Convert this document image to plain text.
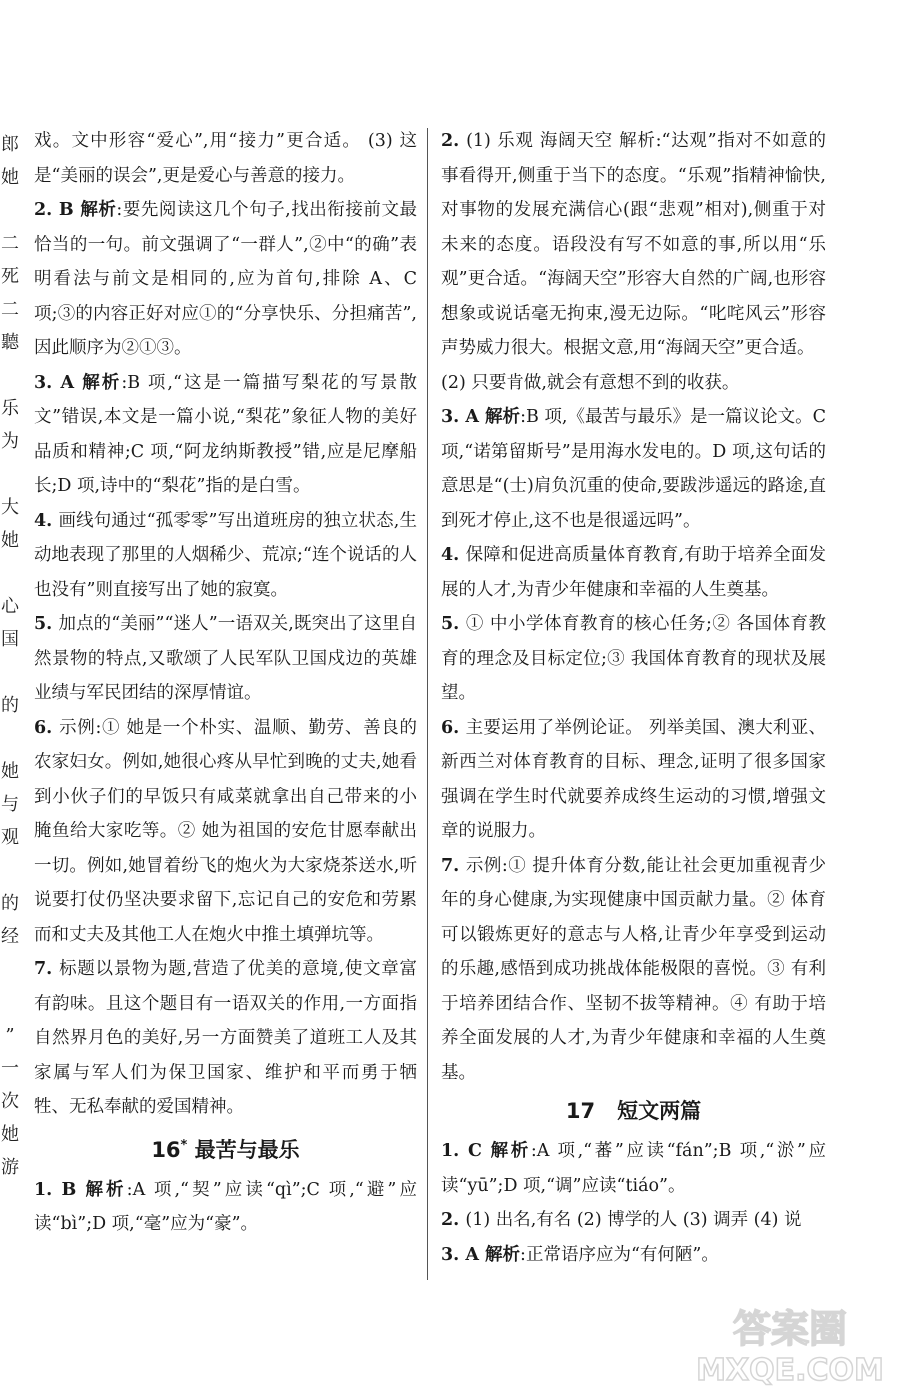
郎
她

二
死
二
聽

乐
为

大
她

心
国

的

她
与
观

的
经

”
一
次
她
游

戏。文中形容“爱心”,用“接力”更合适。 (3) 这是“美丽的误会”,更是爱心与善意的接力。

2. B 解析:要先阅读这几个句子,找出衔接前文最恰当的一句。前文强调了“一群人”,②中“的确”表明看法与前文是相同的,应为首句,排除 A、C 项;③的内容正好对应①的“分享快乐、分担痛苦”,因此顺序为②①③。

3. A 解析:B 项,“这是一篇描写梨花的写景散文”错误,本文是一篇小说,“梨花”象征人物的美好品质和精神;C 项,“阿龙纳斯教授”错,应是尼摩船长;D 项,诗中的“梨花”指的是白雪。

4. 画线句通过“孤零零”写出道班房的独立状态,生动地表现了那里的人烟稀少、荒凉;“连个说话的人也没有”则直接写出了她的寂寞。

5. 加点的“美丽”“迷人”一语双关,既突出了这里自然景物的特点,又歌颂了人民军队卫国戍边的英雄业绩与军民团结的深厚情谊。

6. 示例:① 她是一个朴实、温顺、勤劳、善良的农家妇女。例如,她很心疼从早忙到晚的丈夫,她看到小伙子们的早饭只有咸菜就拿出自己带来的小腌鱼给大家吃等。② 她为祖国的安危甘愿奉献出一切。例如,她冒着纷飞的炮火为大家烧茶送水,听说要打仗仍坚决要求留下,忘记自己的安危和劳累而和丈夫及其他工人在炮火中推土填弹坑等。

7. 标题以景物为题,营造了优美的意境,使文章富有韵味。且这个题目有一语双关的作用,一方面指自然界月色的美好,另一方面赞美了道班工人及其家属与军人们为保卫国家、维护和平而勇于牺牲、无私奉献的爱国精神。

16* 最苦与最乐

1. B 解析:A 项,“契”应读“qì”;C 项,“避”应读“bì”;D 项,“毫”应为“豪”。

2. (1) 乐观 海阔天空 解析:“达观”指对不如意的事看得开,侧重于当下的态度。“乐观”指精神愉快,对事物的发展充满信心(跟“悲观”相对),侧重于对未来的态度。语段没有写不如意的事,所以用“乐观”更合适。“海阔天空”形容大自然的广阔,也形容想象或说话毫无拘束,漫无边际。“叱咤风云”形容声势威力很大。根据文意,用“海阔天空”更合适。

(2) 只要肯做,就会有意想不到的收获。

3. A 解析:B 项,《最苦与最乐》是一篇议论文。C 项,“诺第留斯号”是用海水发电的。D 项,这句话的意思是“(士)肩负沉重的使命,要跋涉遥远的路途,直到死才停止,这不也是很遥远吗”。

4. 保障和促进高质量体育教育,有助于培养全面发展的人才,为青少年健康和幸福的人生奠基。

5. ① 中小学体育教育的核心任务;② 各国体育教育的理念及目标定位;③ 我国体育教育的现状及展望。

6. 主要运用了举例论证。 列举美国、澳大利亚、新西兰对体育教育的目标、理念,证明了很多国家强调在学生时代就要养成终生运动的习惯,增强文章的说服力。

7. 示例:① 提升体育分数,能让社会更加重视青少年的身心健康,为实现健康中国贡献力量。② 体育可以锻炼更好的意志与人格,让青少年享受到运动的乐趣,感悟到成功挑战体能极限的喜悦。③ 有利于培养团结合作、坚韧不拔等精神。④ 有助于培养全面发展的人才,为青少年健康和幸福的人生奠基。

17 短文两篇

1. C 解析:A 项,“蕃”应读“fán”;B 项,“淤”应读“yū”;D 项,“调”应读“tiáo”。

2. (1) 出名,有名 (2) 博学的人 (3) 调弄 (4) 说

3. A 解析:正常语序应为“有何陋”。

答案圈
MXQE.COM
